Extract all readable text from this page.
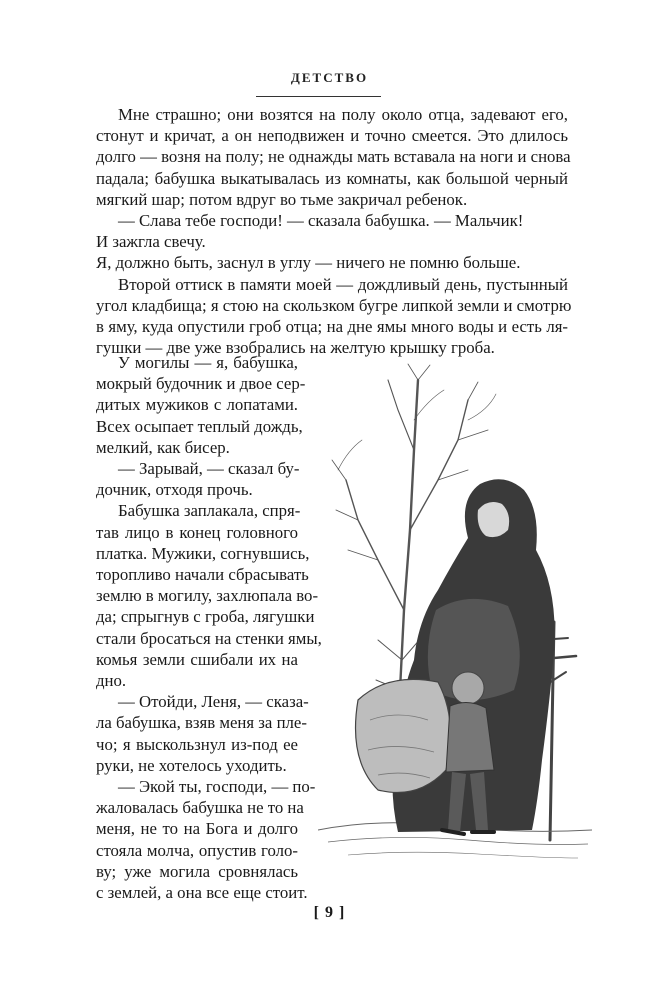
ДЕТСТВО
Мне страшно; они возятся на полу около отца, задевают его,
стонут и кричат, а он неподвижен и точно смеется. Это длилось
долго — возня на полу; не однажды мать вставала на ноги и снова
падала; бабушка выкатывалась из комнаты, как большой черный
мягкий шар; потом вдруг во тьме закричал ребенок.
— Слава тебе господи! — сказала бабушка. — Мальчик!
И зажгла свечу.
Я, должно быть, заснул в углу — ничего не помню больше.
Второй оттиск в памяти моей — дождливый день, пустынный
угол кладбища; я стою на скользком бугре липкой земли и смотрю
в яму, куда опустили гроб отца; на дне ямы много воды и есть ля-
гушки — две уже взобрались на желтую крышку гроба.
У могилы — я, бабушка,
мокрый будочник и двое сер-
дитых мужиков с лопатами.
Всех осыпает теплый дождь,
мелкий, как бисер.
— Зарывай, — сказал бу-
дочник, отходя прочь.
Бабушка заплакала, спря-
тав лицо в конец головного
платка. Мужики, согнувшись,
торопливо начали сбрасывать
землю в могилу, захлюпала во-
да; спрыгнув с гроба, лягушки
стали бросаться на стенки ямы,
комья земли сшибали их на
дно.
— Отойди, Леня, — сказа-
ла бабушка, взяв меня за пле-
чо; я выскользнул из-под ее
руки, не хотелось уходить.
— Экой ты, господи, — по-
жаловалась бабушка не то на
меня, не то на Бога и долго
стояла молча, опустив голо-
ву; уже могила сровнялась
с землей, а она все еще стоит.
[ 9 ]
